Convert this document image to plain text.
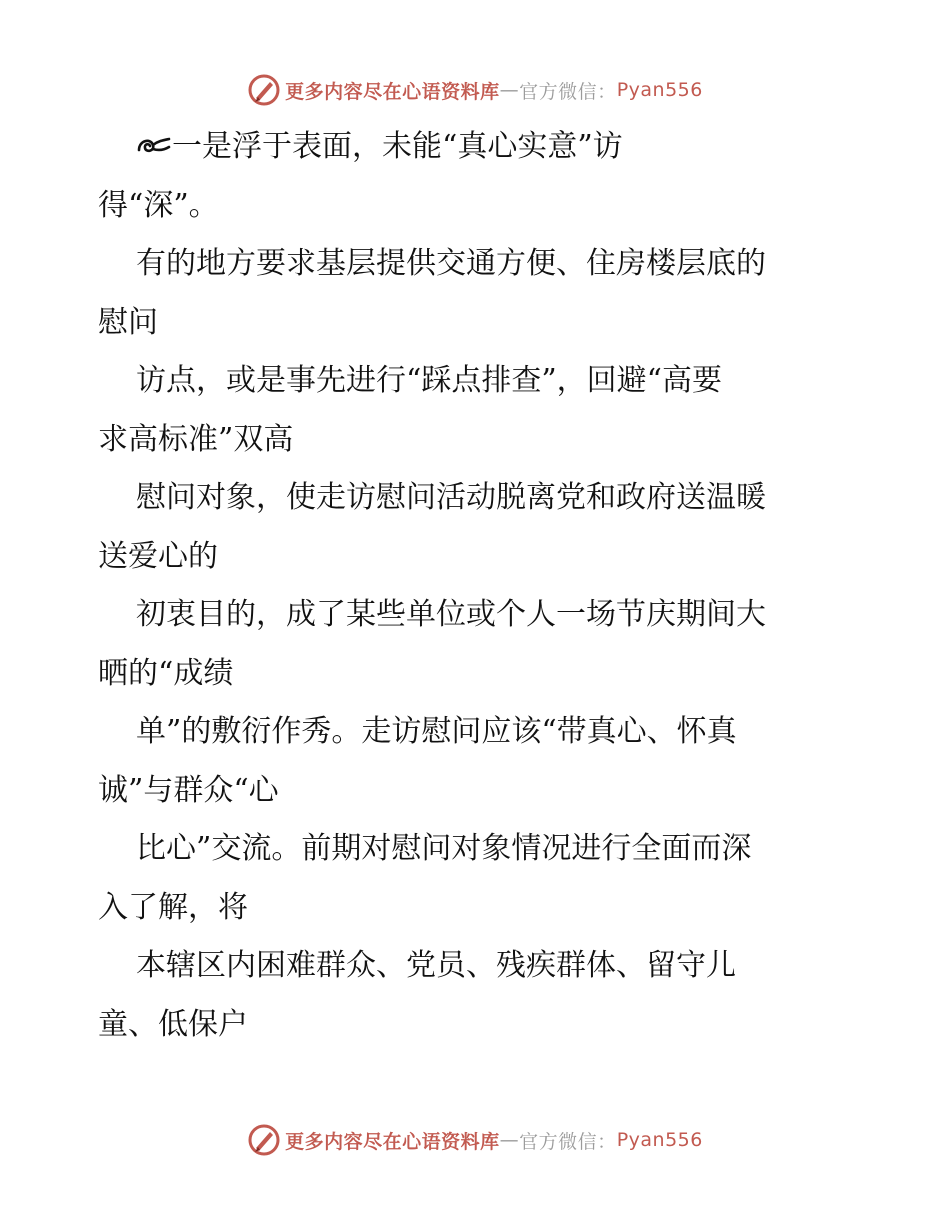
更多内容尽在心语资料库 — 官方微信： Pyan556

一是浮于表面，未能“真心实意”访

得“深”。

有的地方要求基层提供交通方便、住房楼层底的

慰问

访点，或是事先进行“踩点排查”，回避“高要

求高标准”双高

慰问对象，使走访慰问活动脱离党和政府送温暖

送爱心的

初衷目的，成了某些单位或个人一场节庆期间大

晒的“成绩

单”的敷衍作秀。走访慰问应该“带真心、怀真

诚”与群众“心

比心”交流。前期对慰问对象情况进行全面而深

入了解，将

本辖区内困难群众、党员、残疾群体、留守儿

童、低保户

更多内容尽在心语资料库 — 官方微信： Pyan556
